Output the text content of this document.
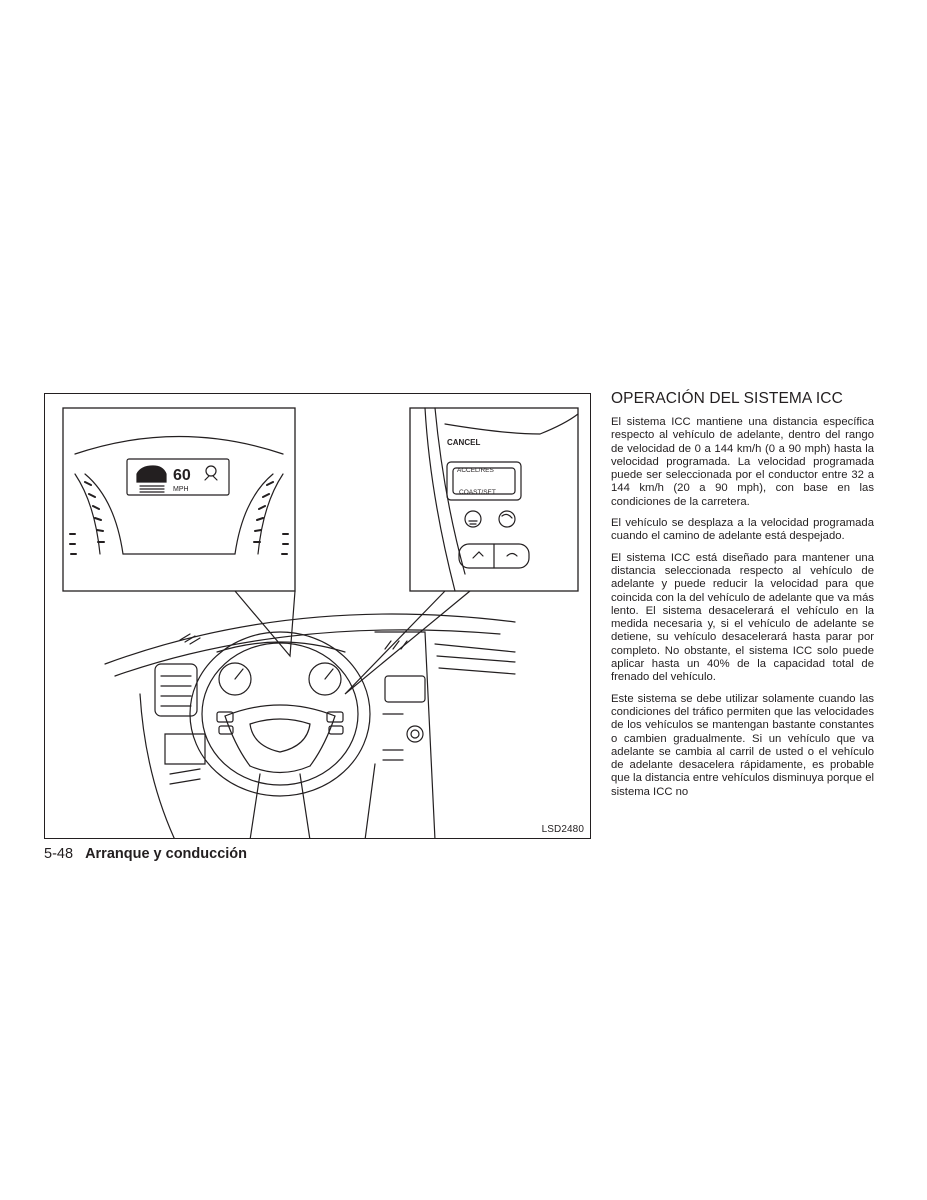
60
MPH
CANCEL
ACCEL/RES
COAST/SET
LSD2480
5-48 Arranque y conducción
OPERACIÓN DEL SISTEMA ICC

El sistema ICC mantiene una distancia específica respecto al vehículo de adelante, dentro del rango de velocidad de 0 a 144 km/h (0 a 90 mph) hasta la velocidad programada. La velocidad programada puede ser seleccionada por el conductor entre 32 a 144 km/h (20 a 90 mph), con base en las condiciones de la carretera.

El vehículo se desplaza a la velocidad programada cuando el camino de adelante está despejado.

El sistema ICC está diseñado para mantener una distancia seleccionada respecto al vehículo de adelante y puede reducir la velocidad para que coincida con la del vehículo de adelante que va más lento. El sistema desacelerará el vehículo en la medida necesaria y, si el vehículo de adelante se detiene, su vehículo desacelerará hasta parar por completo. No obstante, el sistema ICC solo puede aplicar hasta un 40% de la capacidad total de frenado del vehículo.

Este sistema se debe utilizar solamente cuando las condiciones del tráfico permiten que las velocidades de los vehículos se mantengan bastante constantes o cambien gradualmente. Si un vehículo que va adelante se cambia al carril de usted o el vehículo de adelante desacelera rápidamente, es probable que la distancia entre vehículos disminuya porque el sistema ICC no
